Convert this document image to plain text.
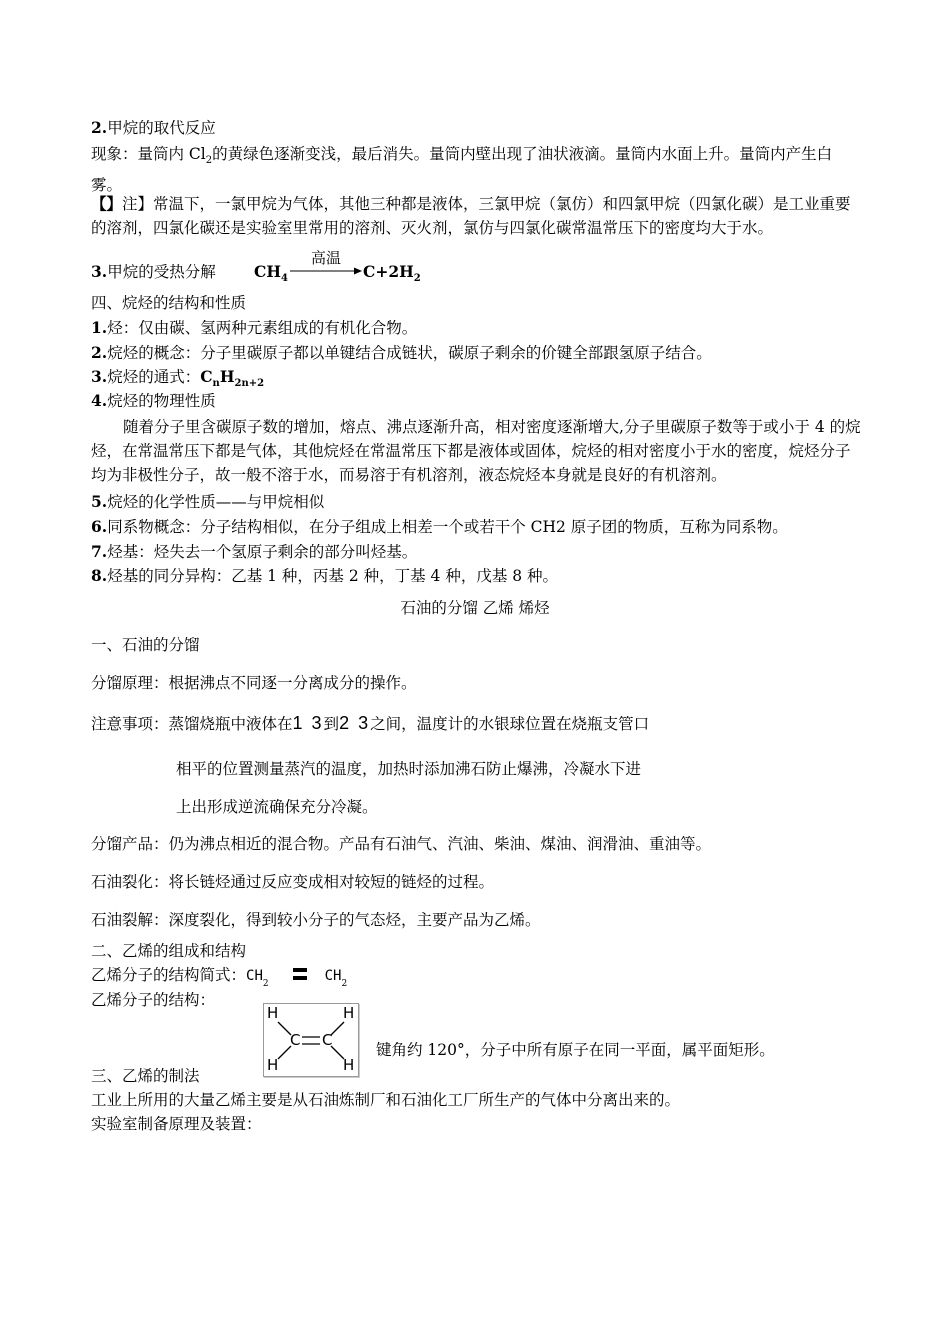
2.甲烷的取代反应
现象：量筒内 $Cl_2$的黄绿色逐渐变浅，最后消失。量筒内壁出现了油状液滴。量筒内水面上升。量筒内产生白雾。
【】注】常温下，一氯甲烷为气体，其他三种都是液体，三氯甲烷（氯仿）和四氯甲烷（四氯化碳）是工业重要的溶剂，四氯化碳还是实验室里常用的溶剂、灭火剂，氯仿与四氯化碳常温常压下的密度均大于水。
3.甲烷的受热分解 $CH_4$
高温
$C+2H_2$
四、烷烃的结构和性质
1.烃：仅由碳、氢两种元素组成的有机化合物。
2.烷烃的概念：分子里碳原子都以单键结合成链状，碳原子剩余的价键全部跟氢原子结合。
3.烷烃的通式：$C_nH_{2n+2}$
4.烷烃的物理性质
随着分子里含碳原子数的增加，熔点、沸点逐渐升高，相对密度逐渐增大,分子里碳原子数等于或小于 4 的烷烃，在常温常压下都是气体，其他烷烃在常温常压下都是液体或固体，烷烃的相对密度小于水的密度，烷烃分子均为非极性分子，故一般不溶于水，而易溶于有机溶剂，液态烷烃本身就是良好的有机溶剂。
5.烷烃的化学性质——与甲烷相似
6.同系物概念：分子结构相似，在分子组成上相差一个或若干个 CH2 原子团的物质，互称为同系物。
7.烃基：烃失去一个氢原子剩余的部分叫烃基。
8.烃基的同分异构：乙基 1 种，丙基 2 种，丁基 4 种，戊基 8 种。
石油的分馏 乙烯 烯烃
一、石油的分馏
分馏原理：根据沸点不同逐一分离成分的操作。
注意事项：蒸馏烧瓶中液体在1 3到2 3之间，温度计的水银球位置在烧瓶支管口
相平的位置测量蒸汽的温度，加热时添加沸石防止爆沸，冷凝水下进
上出形成逆流确保充分冷凝。
分馏产品：仍为沸点相近的混合物。产品有石油气、汽油、柴油、煤油、润滑油、重油等。
石油裂化：将长链烃通过反应变成相对较短的链烃的过程。
石油裂解：深度裂化，得到较小分子的气态烃，主要产品为乙烯。
二、乙烯的组成和结构
乙烯分子的结构简式：$CH_2$	$CH_2$
乙烯分子的结构：
H
H
H
H
C C
键角约 120°，分子中所有原子在同一平面，属平面矩形。
三、乙烯的制法
工业上所用的大量乙烯主要是从石油炼制厂和石油化工厂所生产的气体中分离出来的。
实验室制备原理及装置：
